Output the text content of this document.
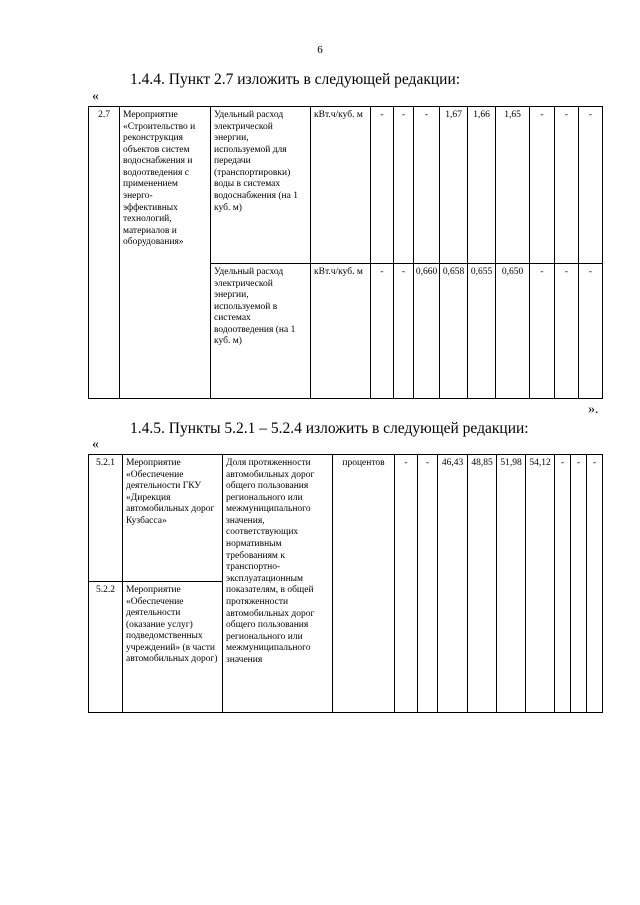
6
1.4.4. Пункт 2.7 изложить в следующей редакции:
«
2.7	Мероприятие «Строительство и реконструкция объектов систем водоснабжения и водоотведения с применением энерго-эффективных технологий, материалов и оборудования»	Удельный расход электрической энергии, используемой для передачи (транспортировки) воды в системах водоснабжения (на 1 куб. м)	кВт.ч/куб. м	-	-	-	1,67	1,66	1,65	-	-	-
		Удельный расход электрической энергии, используемой в системах водоотведения (на 1 куб. м)	кВт.ч/куб. м	-	-	0,660	0,658	0,655	0,650	-	-	-
».
1.4.5. Пункты 5.2.1 – 5.2.4 изложить в следующей редакции:
«
5.2.1	Мероприятие «Обеспечение деятельности ГКУ «Дирекция автомобильных дорог Кузбасса»	Доля протяженности автомобильных дорог общего пользования регионального или межмуниципального значения, соответствующих нормативным требованиям к транспортно-эксплуатационным показателям, в общей протяженности автомобильных дорог общего пользования регионального или межмуниципального значения	процентов	-	-	46,43	48,85	51,98	54,12	-	-	-
5.2.2	Мероприятие «Обеспечение деятельности (оказание услуг) подведомственных учреждений» (в части автомобильных дорог)											
